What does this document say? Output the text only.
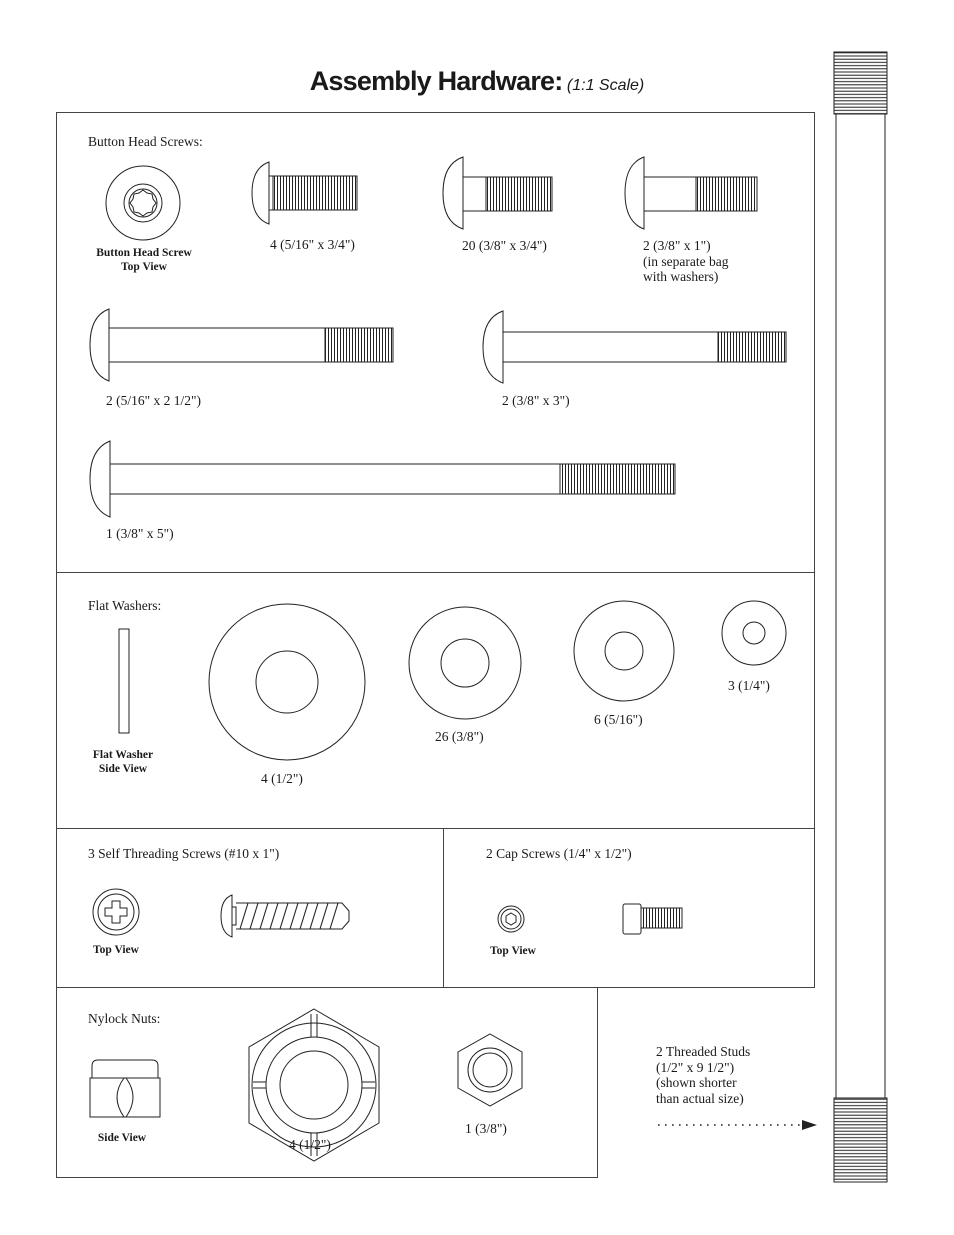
Assembly Hardware: (1:1 Scale)
Button Head Screws:
Button Head Screw
Top View
4 (5/16" x 3/4")	20 (3/8" x 3/4")	2 (3/8" x 1")
(in separate bag
with washers)
2 (5/16" x 2 1/2")	2 (3/8" x 3")
1 (3/8" x 5")
Flat Washers:
Flat Washer
Side View
4 (1/2")
26 (3/8")
6 (5/16")
3 (1/4")
3 Self Threading Screws (#10 x 1")
Top View
2 Cap Screws (1/4" x 1/2")
Top View
Nylock Nuts:
Side View	4 (1/2")
1 (3/8")
2 Threaded Studs
(1/2" x 9 1/2")
(shown shorter
than actual size)
